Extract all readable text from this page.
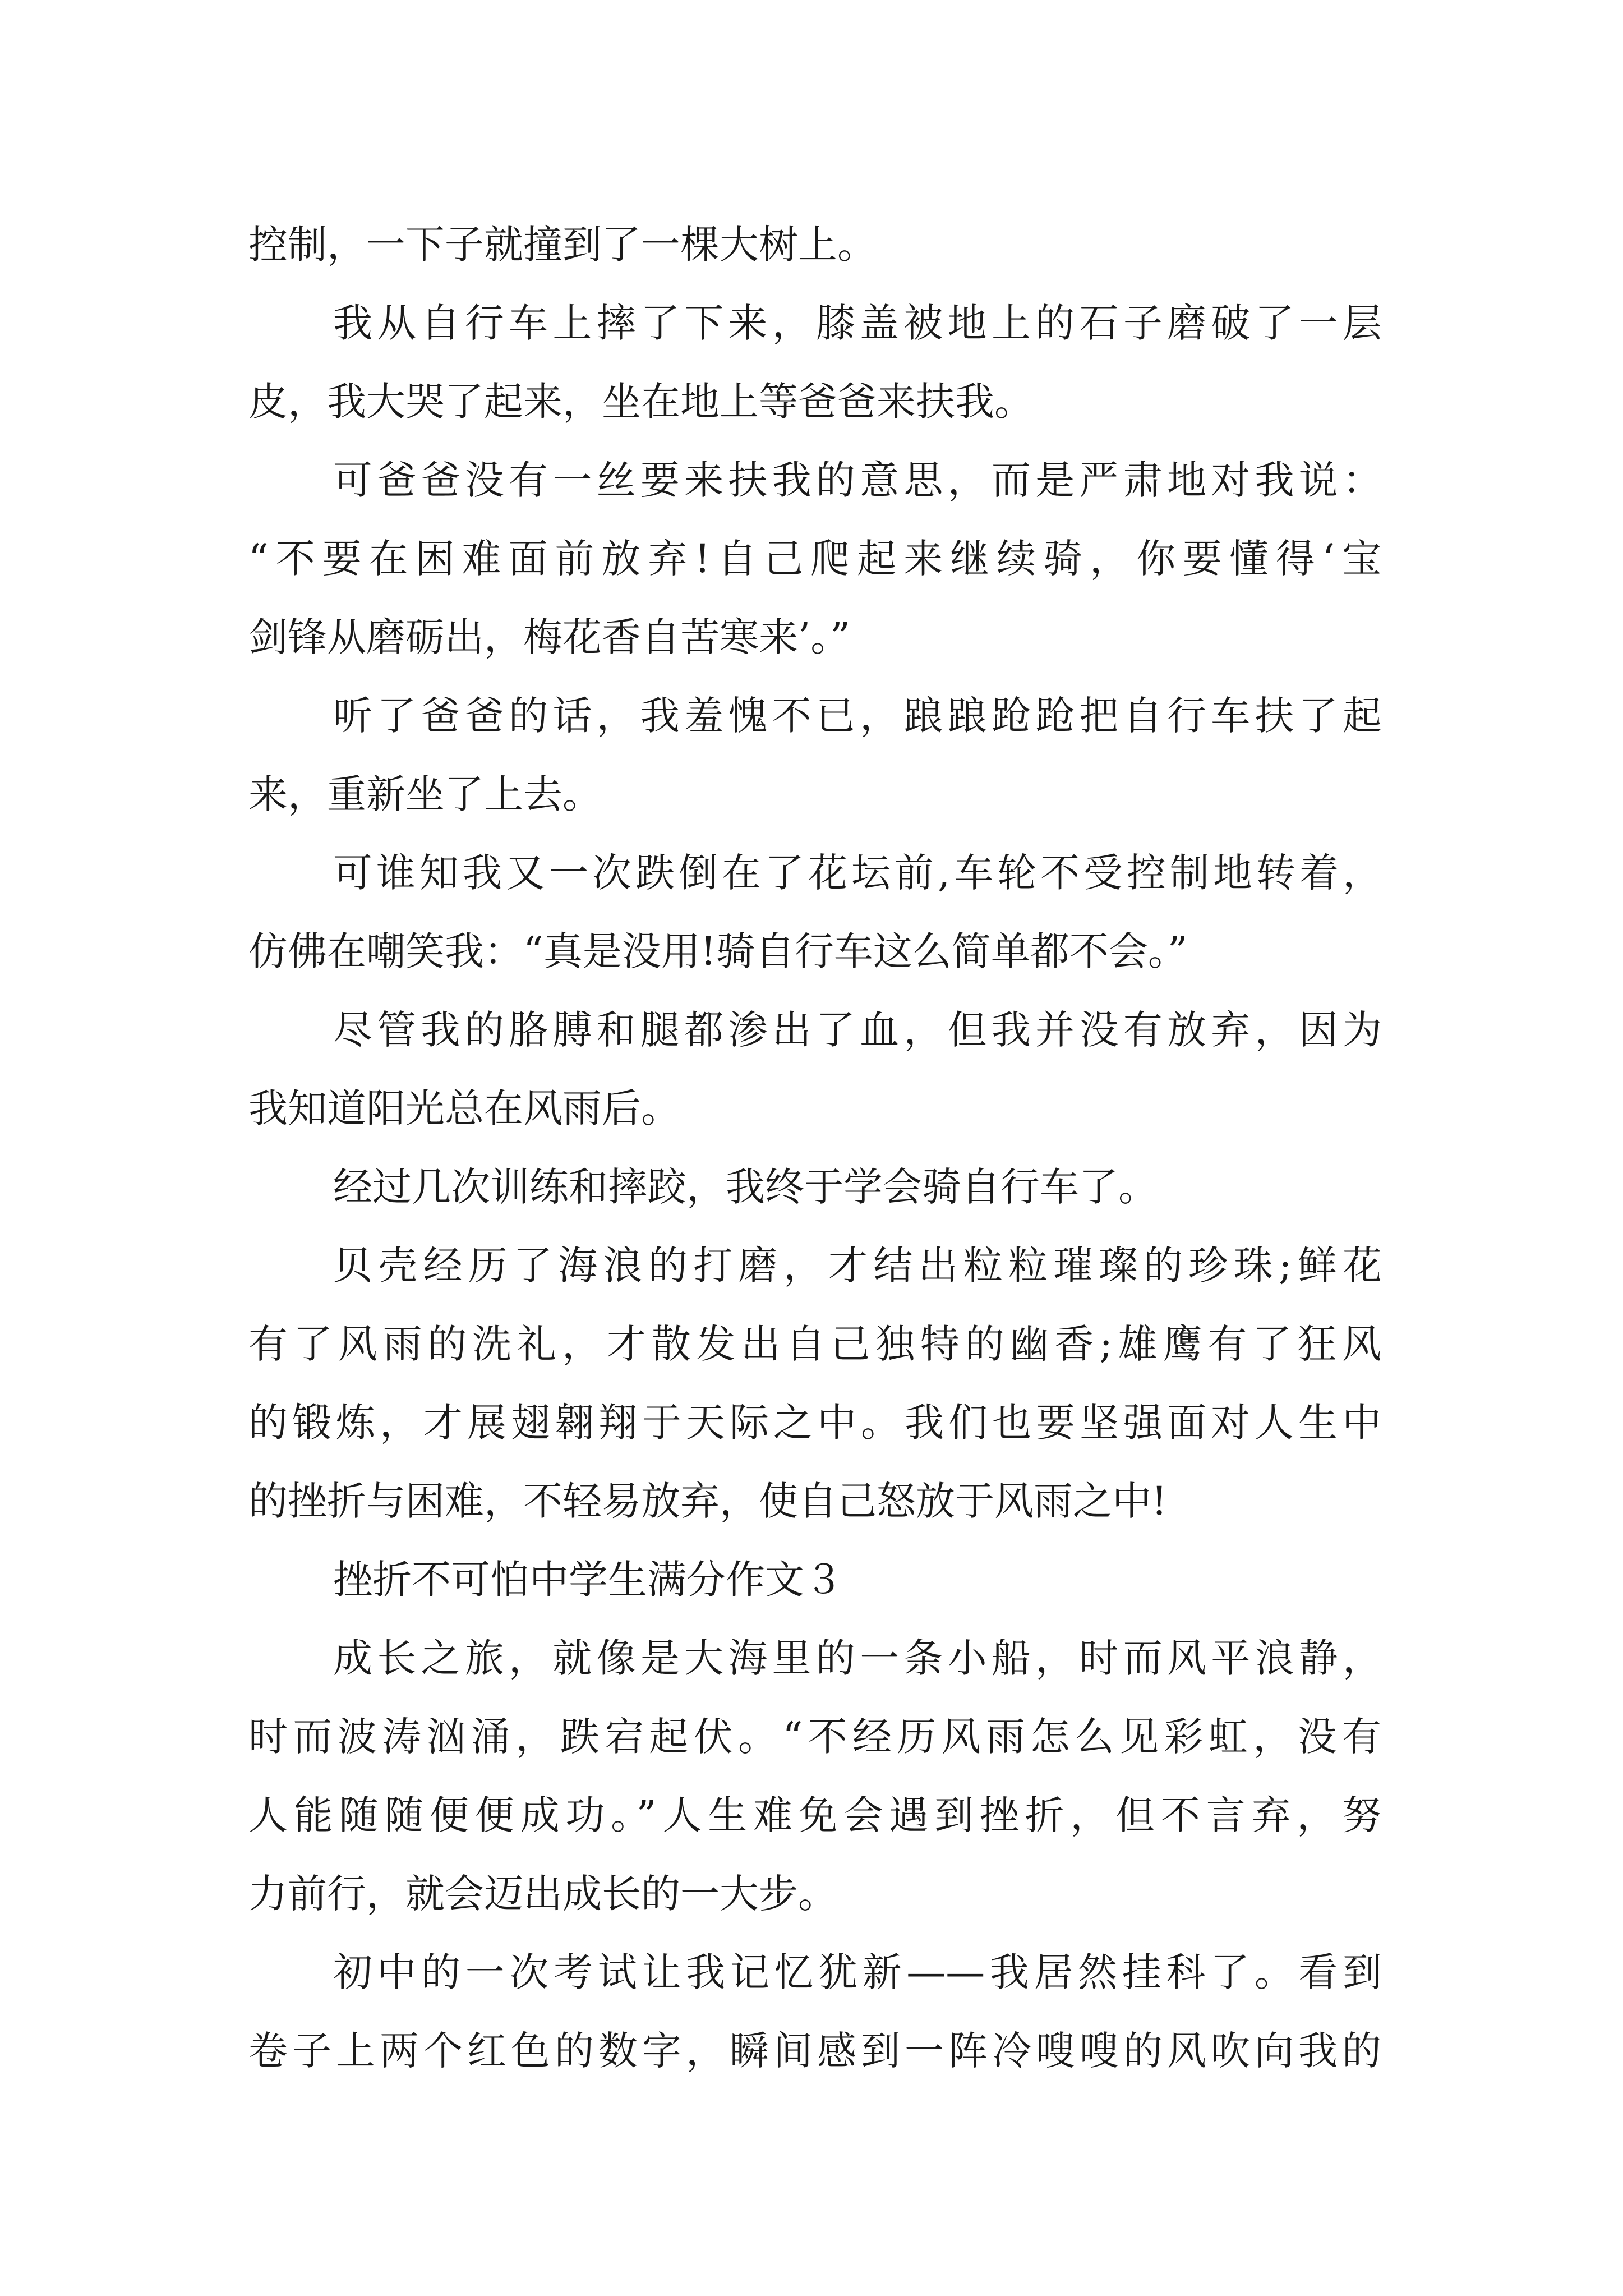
控制，一下子就撞到了一棵大树上。
我从自行车上摔了下来，膝盖被地上的石子磨破了一层
皮，我大哭了起来，坐在地上等爸爸来扶我。
可爸爸没有一丝要来扶我的意思，而是严肃地对我说：
“不要在困难面前放弃!自己爬起来继续骑，你要懂得‘宝
剑锋从磨砺出，梅花香自苦寒来’。”
听了爸爸的话，我羞愧不已，踉踉跄跄把自行车扶了起
来，重新坐了上去。
可谁知我又一次跌倒在了花坛前,车轮不受控制地转着，
仿佛在嘲笑我：“真是没用!骑自行车这么简单都不会。”
尽管我的胳膊和腿都渗出了血，但我并没有放弃，因为
我知道阳光总在风雨后。
经过几次训练和摔跤，我终于学会骑自行车了。
贝壳经历了海浪的打磨，才结出粒粒璀璨的珍珠;鲜花
有了风雨的洗礼，才散发出自己独特的幽香;雄鹰有了狂风
的锻炼，才展翅翱翔于天际之中。我们也要坚强面对人生中
的挫折与困难，不轻易放弃，使自己怒放于风雨之中!
挫折不可怕中学生满分作文３
成长之旅，就像是大海里的一条小船，时而风平浪静，
时而波涛汹涌，跌宕起伏。“不经历风雨怎么见彩虹，没有
人能随随便便成功。”人生难免会遇到挫折，但不言弃，努
力前行，就会迈出成长的一大步。
初中的一次考试让我记忆犹新——我居然挂科了。看到
卷子上两个红色的数字，瞬间感到一阵冷嗖嗖的风吹向我的
